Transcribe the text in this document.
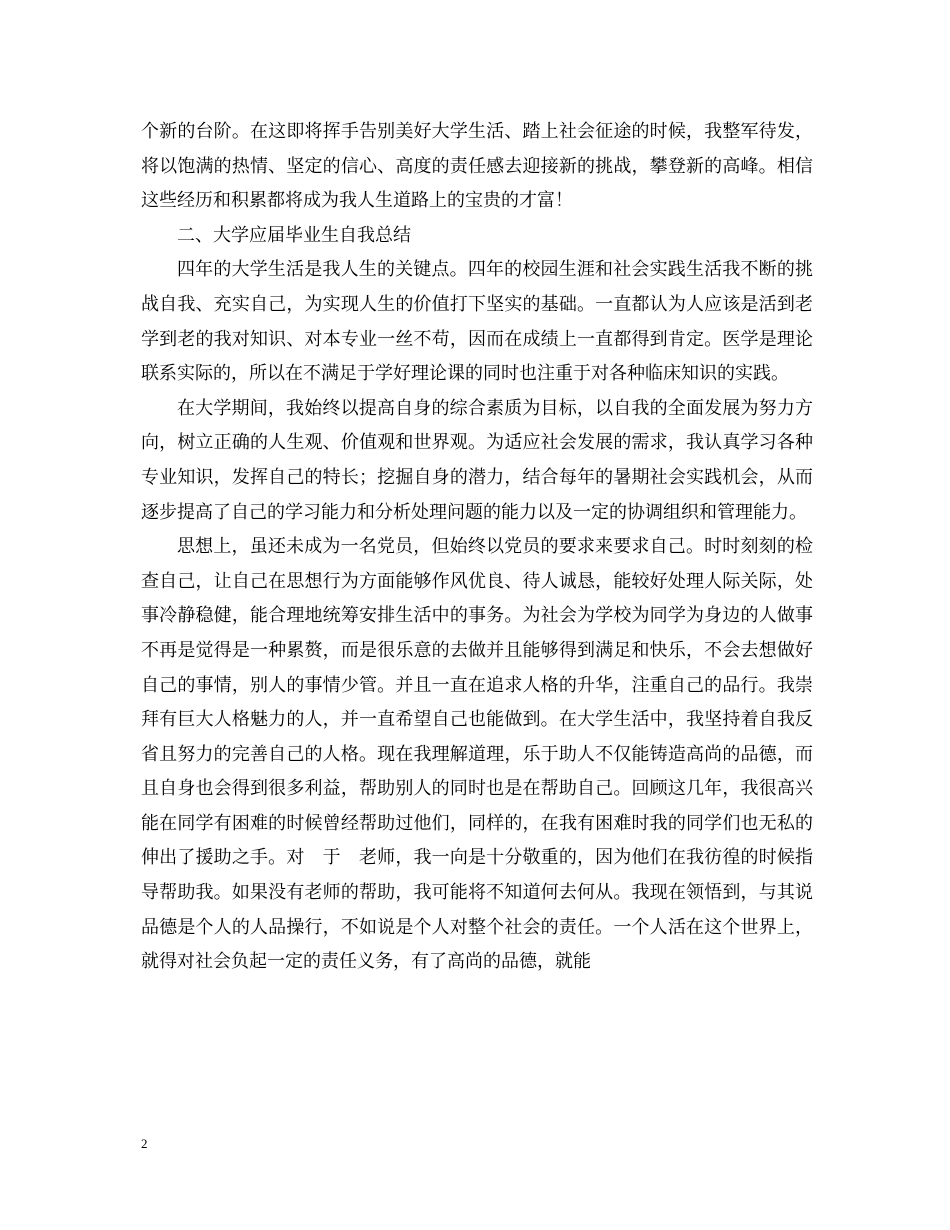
个新的台阶。在这即将挥手告别美好大学生活、踏上社会征途的时候，我整军待发，将以饱满的热情、坚定的信心、高度的责任感去迎接新的挑战，攀登新的高峰。相信这些经历和积累都将成为我人生道路上的宝贵的才富！

二、大学应届毕业生自我总结

四年的大学生活是我人生的关键点。四年的校园生涯和社会实践生活我不断的挑战自我、充实自己，为实现人生的价值打下坚实的基础。一直都认为人应该是活到老学到老的我对知识、对本专业一丝不苟，因而在成绩上一直都得到肯定。医学是理论联系实际的，所以在不满足于学好理论课的同时也注重于对各种临床知识的实践。

在大学期间，我始终以提高自身的综合素质为目标，以自我的全面发展为努力方向，树立正确的人生观、价值观和世界观。为适应社会发展的需求，我认真学习各种专业知识，发挥自己的特长；挖掘自身的潜力，结合每年的暑期社会实践机会，从而逐步提高了自己的学习能力和分析处理问题的能力以及一定的协调组织和管理能力。

思想上，虽还未成为一名党员，但始终以党员的要求来要求自己。时时刻刻的检查自己，让自己在思想行为方面能够作风优良、待人诚恳，能较好处理人际关际，处事冷静稳健，能合理地统筹安排生活中的事务。为社会为学校为同学为身边的人做事不再是觉得是一种累赘，而是很乐意的去做并且能够得到满足和快乐，不会去想做好自己的事情，别人的事情少管。并且一直在追求人格的升华，注重自己的品行。我崇拜有巨大人格魅力的人，并一直希望自己也能做到。在大学生活中，我坚持着自我反省且努力的完善自己的人格。现在我理解道理，乐于助人不仅能铸造高尚的品德，而且自身也会得到很多利益，帮助别人的同时也是在帮助自己。回顾这几年，我很高兴能在同学有困难的时候曾经帮助过他们，同样的，在我有困难时我的同学们也无私的伸出了援助之手。对　于　老师，我一向是十分敬重的，因为他们在我彷徨的时候指导帮助我。如果没有老师的帮助，我可能将不知道何去何从。我现在领悟到，与其说品德是个人的人品操行，不如说是个人对整个社会的责任。一个人活在这个世界上，就得对社会负起一定的责任义务，有了高尚的品德，就能

2
